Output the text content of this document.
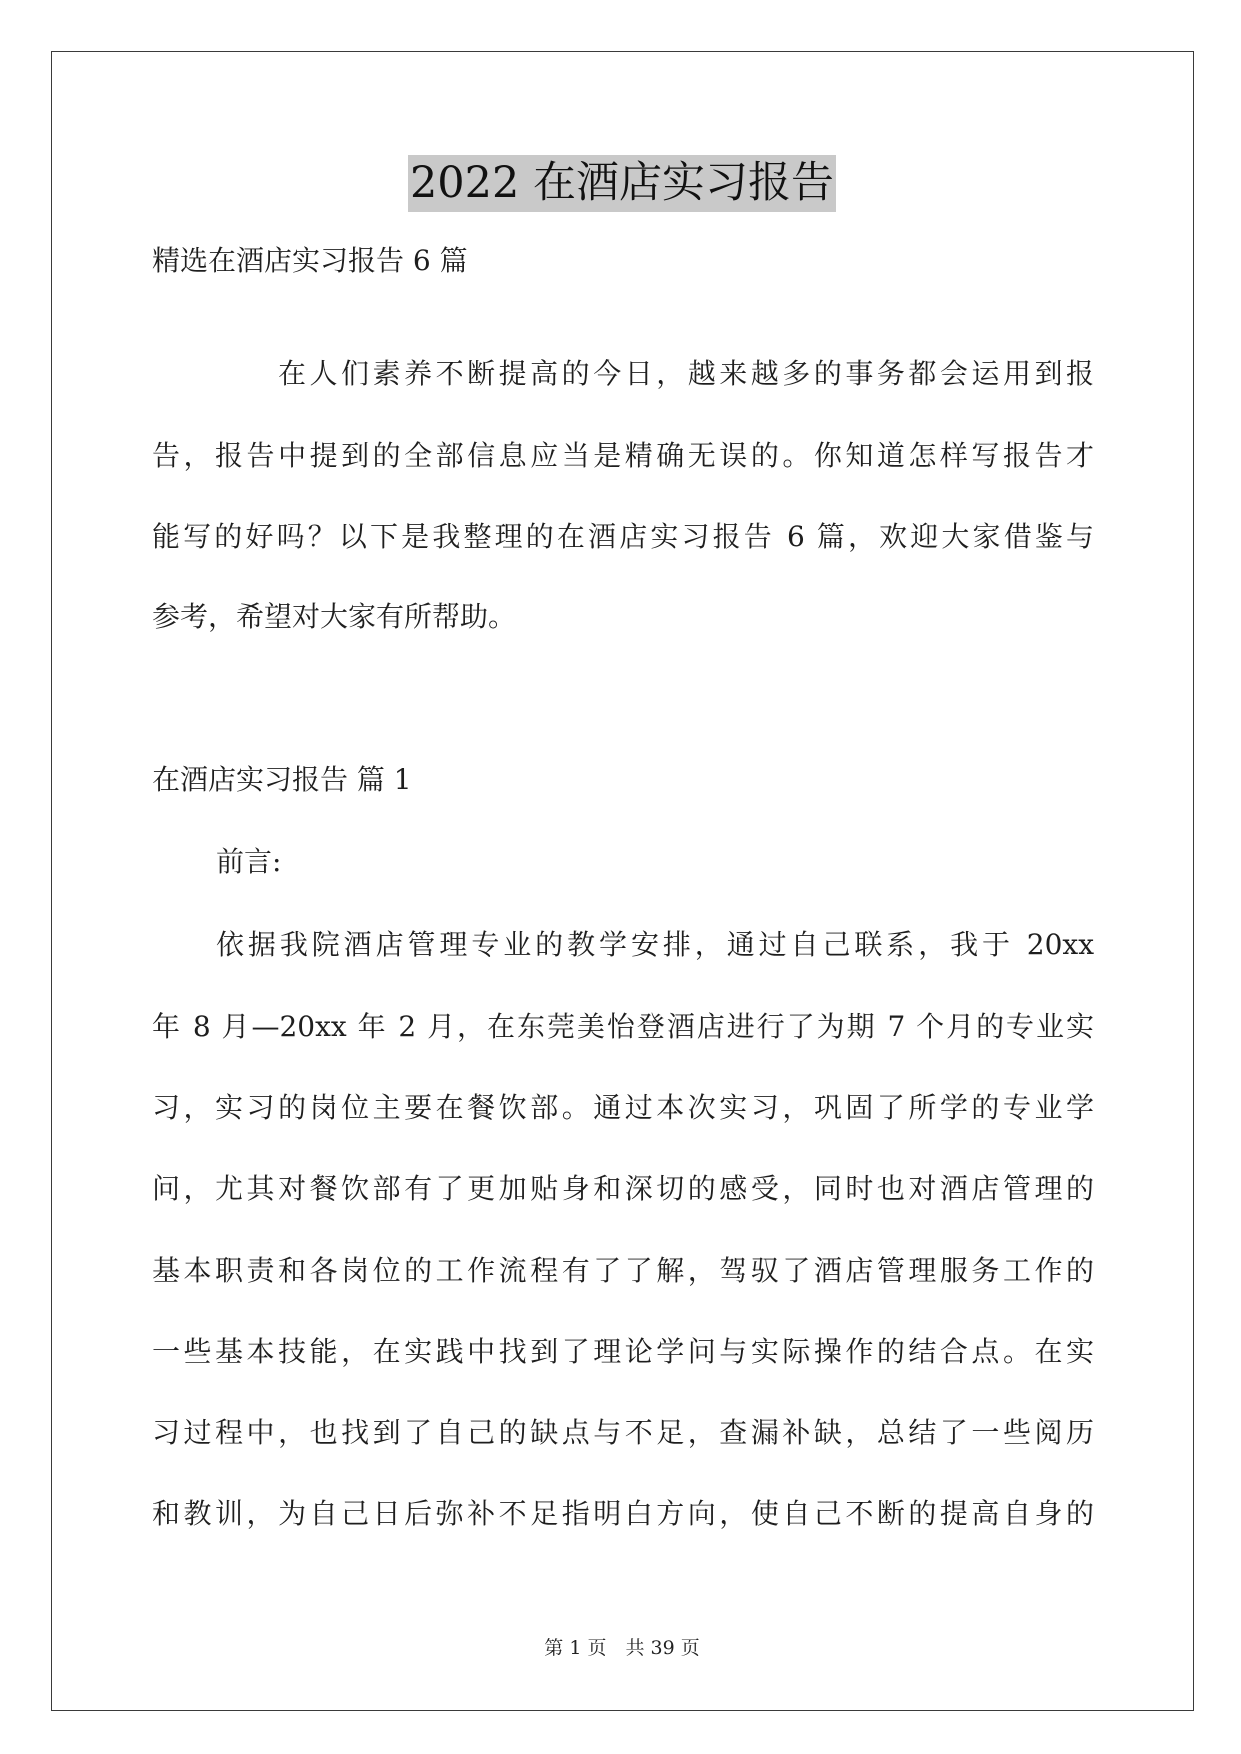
2022 在酒店实习报告
精选在酒店实习报告 6 篇
在人们素养不断提高的今日，越来越多的事务都会运用到报
告，报告中提到的全部信息应当是精确无误的。你知道怎样写报告才
能写的好吗？以下是我整理的在酒店实习报告 6 篇，欢迎大家借鉴与
参考，希望对大家有所帮助。
在酒店实习报告 篇 1
前言:
依据我院酒店管理专业的教学安排，通过自己联系，我于 20xx
年 8 月—20xx 年 2 月，在东莞美怡登酒店进行了为期 7 个月的专业实
习，实习的岗位主要在餐饮部。通过本次实习，巩固了所学的专业学
问，尤其对餐饮部有了更加贴身和深切的感受，同时也对酒店管理的
基本职责和各岗位的工作流程有了了解，驾驭了酒店管理服务工作的
一些基本技能，在实践中找到了理论学问与实际操作的结合点。在实
习过程中，也找到了自己的缺点与不足，查漏补缺，总结了一些阅历
和教训，为自己日后弥补不足指明白方向，使自己不断的提高自身的
第 1 页　共 39 页
